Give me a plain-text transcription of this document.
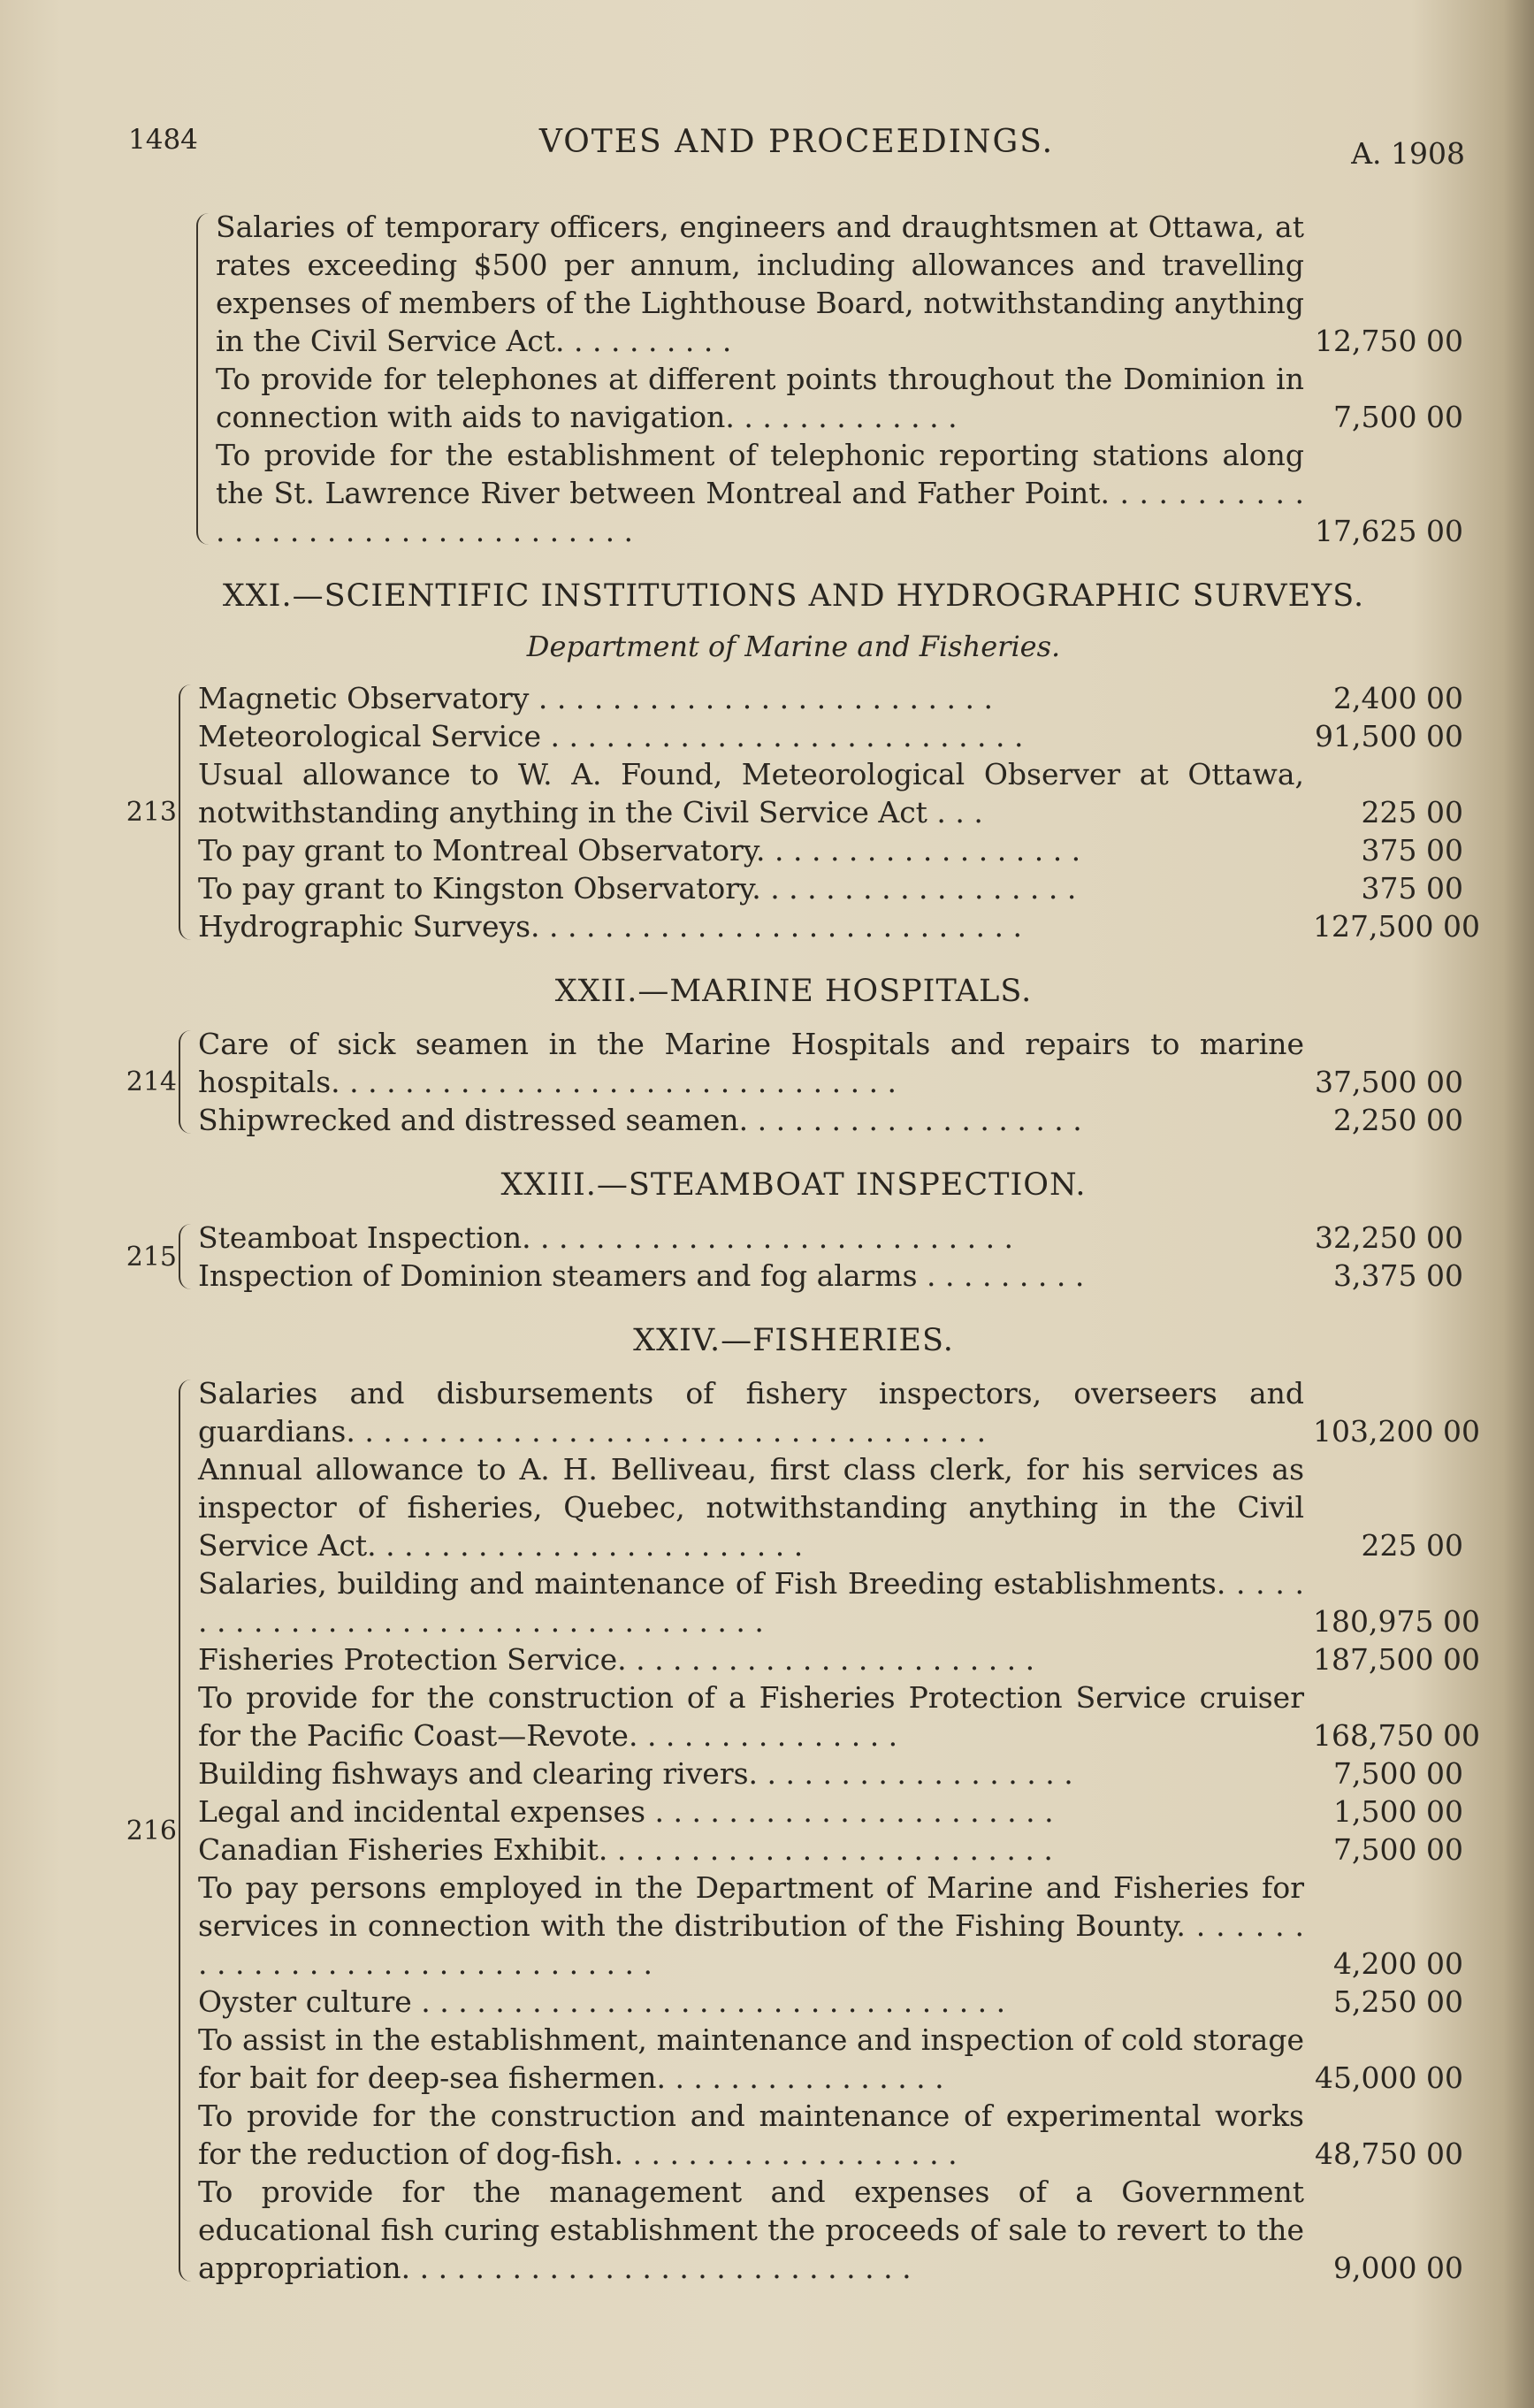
1484	VOTES AND PROCEEDINGS.	A. 1908
Salaries of temporary officers, engineers and draughtsmen at Ottawa, at rates exceeding $500 per annum, including allowances and travelling expenses of members of the Lighthouse Board, notwithstanding anything in the Civil Service Act. . . . . . . . . .	12,750 00
To provide for telephones at different points throughout the Dominion in connection with aids to navigation. . . . . . . . . . . . .	7,500 00
To provide for the establishment of telephonic reporting stations along the St. Lawrence River between Montreal and Father Point. . . . . . . . . . . . . . . . . . . . . . . . . . . . . . . . . .	17,625 00
XXI.—SCIENTIFIC INSTITUTIONS AND HYDROGRAPHIC SURVEYS.
Department of Marine and Fisheries.
213
Magnetic Observatory . . . . . . . . . . . . . . . . . . . . . . . . .	2,400 00
Meteorological Service . . . . . . . . . . . . . . . . . . . . . . . . . .	91,500 00
Usual allowance to W. A. Found, Meteorological Observer at Ottawa, notwithstanding anything in the Civil Service Act . . .	225 00
To pay grant to Montreal Observatory. . . . . . . . . . . . . . . . . .	375 00
To pay grant to Kingston Observatory. . . . . . . . . . . . . . . . . .	375 00
Hydrographic Surveys. . . . . . . . . . . . . . . . . . . . . . . . . . .	127,500 00
XXII.—MARINE HOSPITALS.
214
Care of sick seamen in the Marine Hospitals and repairs to marine hospitals. . . . . . . . . . . . . . . . . . . . . . . . . . . . . . .	37,500 00
Shipwrecked and distressed seamen. . . . . . . . . . . . . . . . . . .	2,250 00
XXIII.—STEAMBOAT INSPECTION.
215
Steamboat Inspection. . . . . . . . . . . . . . . . . . . . . . . . . . .	32,250 00
Inspection of Dominion steamers and fog alarms . . . . . . . . .	3,375 00
XXIV.—FISHERIES.
216
Salaries and disbursements of fishery inspectors, overseers and guardians. . . . . . . . . . . . . . . . . . . . . . . . . . . . . . . . . . .	103,200 00
Annual allowance to A. H. Belliveau, first class clerk, for his services as inspector of fisheries, Quebec, notwithstanding anything in the Civil Service Act. . . . . . . . . . . . . . . . . . . . . . . .	225 00
Salaries, building and maintenance of Fish Breeding establishments. . . . . . . . . . . . . . . . . . . . . . . . . . . . . . . . . . . .	180,975 00
Fisheries Protection Service. . . . . . . . . . . . . . . . . . . . . . .	187,500 00
To provide for the construction of a Fisheries Protection Service cruiser for the Pacific Coast—Revote. . . . . . . . . . . . . . .	168,750 00
Building fishways and clearing rivers. . . . . . . . . . . . . . . . . .	7,500 00
Legal and incidental expenses . . . . . . . . . . . . . . . . . . . . . .	1,500 00
Canadian Fisheries Exhibit. . . . . . . . . . . . . . . . . . . . . . . . .	7,500 00
To pay persons employed in the Department of Marine and Fisheries for services in connection with the distribution of the Fishing Bounty. . . . . . . . . . . . . . . . . . . . . . . . . . . . . . . .	4,200 00
Oyster culture . . . . . . . . . . . . . . . . . . . . . . . . . . . . . . . .	5,250 00
To assist in the establishment, maintenance and inspection of cold storage for bait for deep-sea fishermen. . . . . . . . . . . . . . . .	45,000 00
To provide for the construction and maintenance of experimental works for the reduction of dog-fish. . . . . . . . . . . . . . . . . . .	48,750 00
To provide for the management and expenses of a Government educational fish curing establishment the proceeds of sale to revert to the appropriation. . . . . . . . . . . . . . . . . . . . . . . . . . . .	9,000 00
